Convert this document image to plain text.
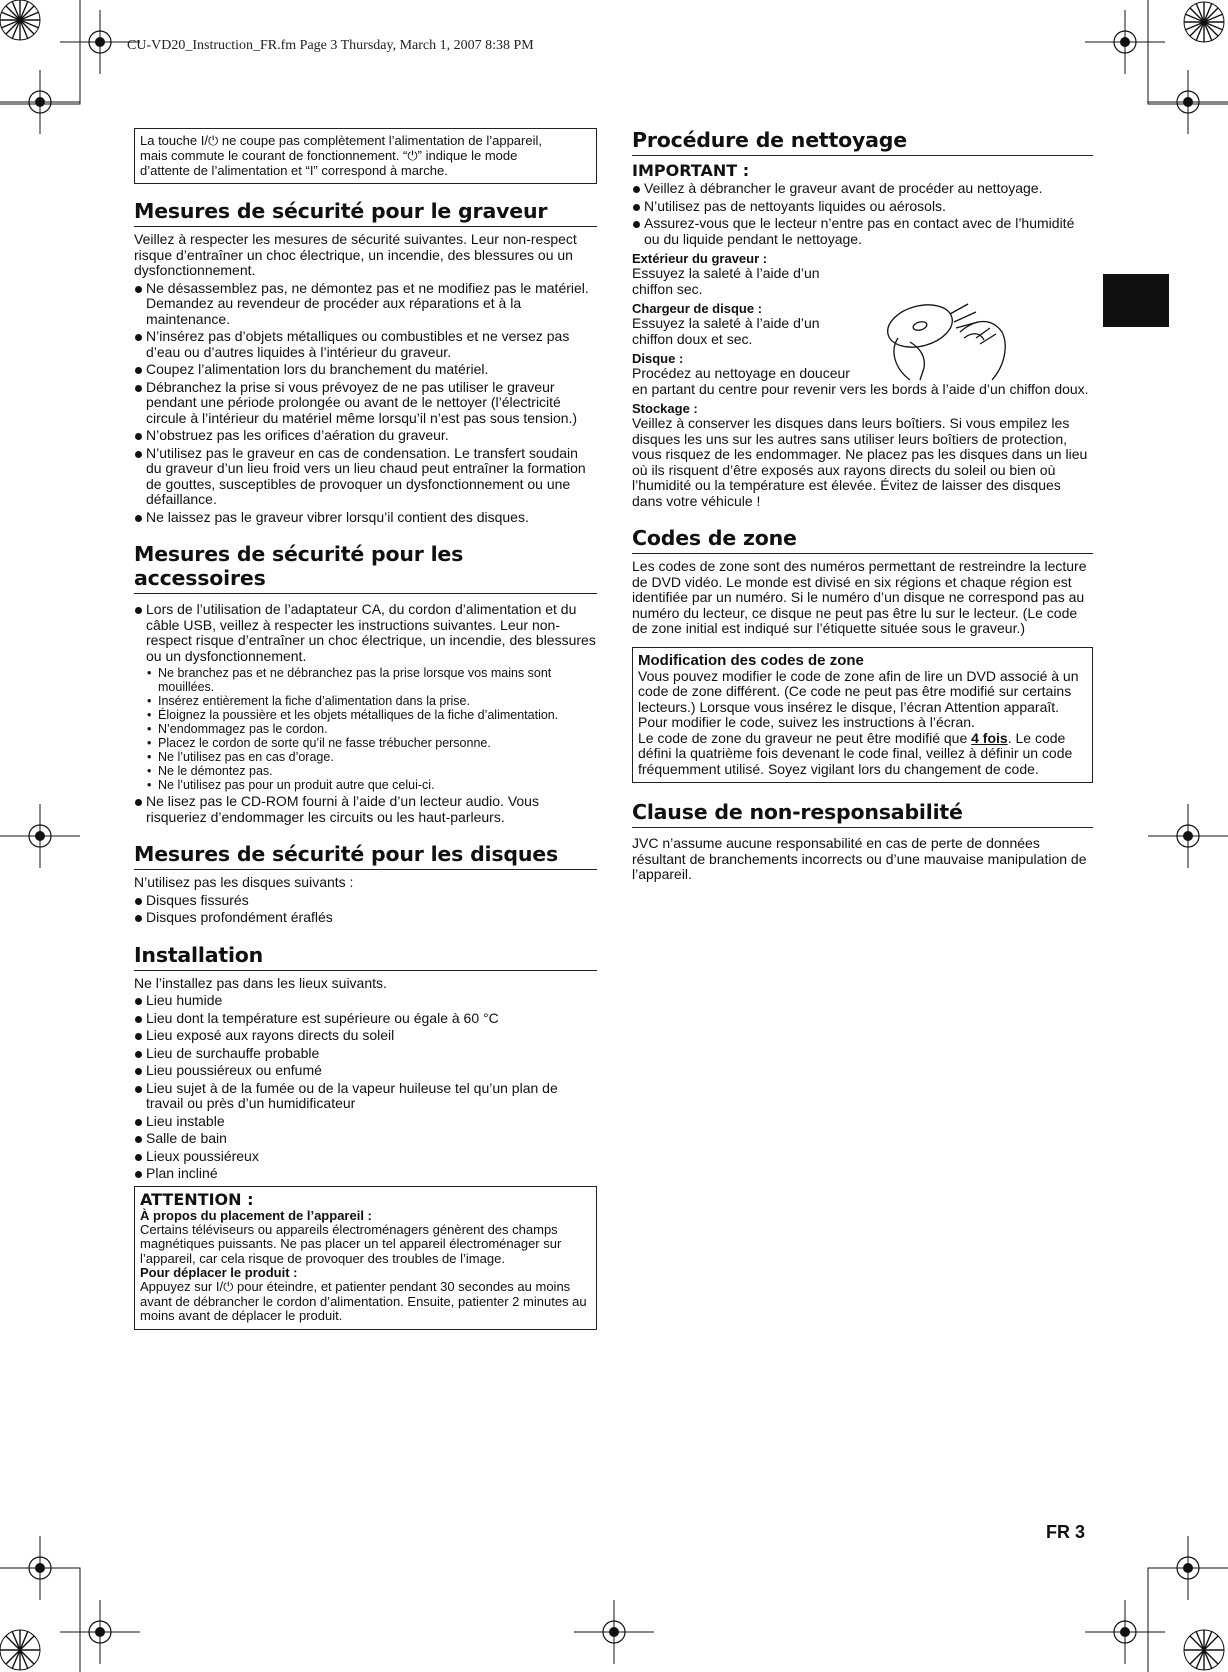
CU-VD20_Instruction_FR.fm Page 3 Thursday, March 1, 2007 8:38 PM

La touche I/⏻ ne coupe pas complètement l’alimentation de l’appareil,

mais commute le courant de fonctionnement. “⏻” indique le mode

d’attente de l’alimentation et “I” correspond à marche.

Mesures de sécurité pour le graveur

Veillez à respecter les mesures de sécurité suivantes. Leur non-respect risque d’entraîner un choc électrique, un incendie, des blessures ou un dysfonctionnement.

Ne désassemblez pas, ne démontez pas et ne modifiez pas le matériel. Demandez au revendeur de procéder aux réparations et à la maintenance.
N’insérez pas d’objets métalliques ou combustibles et ne versez pas d’eau ou d’autres liquides à l’intérieur du graveur.
Coupez l’alimentation lors du branchement du matériel.
Débranchez la prise si vous prévoyez de ne pas utiliser le graveur pendant une période prolongée ou avant de le nettoyer (l’électricité circule à l’intérieur du matériel même lorsqu’il n’est pas sous tension.)
N’obstruez pas les orifices d’aération du graveur.
N’utilisez pas le graveur en cas de condensation. Le transfert soudain du graveur d’un lieu froid vers un lieu chaud peut entraîner la formation de gouttes, susceptibles de provoquer un dysfonctionnement ou une défaillance.
Ne laissez pas le graveur vibrer lorsqu’il contient des disques.
Mesures de sécurité pour les accessoires
Lors de l’utilisation de l’adaptateur CA, du cordon d’alimentation et du câble USB, veillez à respecter les instructions suivantes. Leur non-respect risque d’entraîner un choc électrique, un incendie, des blessures ou un dysfonctionnement.
• Ne branchez pas et ne débranchez pas la prise lorsque vos mains sont mouillées.
• Insérez entièrement la fiche d’alimentation dans la prise.
• Éloignez la poussière et les objets métalliques de la fiche d’alimentation.
• N’endommagez pas le cordon.
• Placez le cordon de sorte qu’il ne fasse trébucher personne.
• Ne l’utilisez pas en cas d’orage.
• Ne le démontez pas.
• Ne l’utilisez pas pour un produit autre que celui-ci.
Ne lisez pas le CD-ROM fourni à l’aide d’un lecteur audio. Vous risqueriez d’endommager les circuits ou les haut-parleurs.
Mesures de sécurité pour les disques

N’utilisez pas les disques suivants :

Disques fissurés
Disques profondément éraflés
Installation

Ne l’installez pas dans les lieux suivants.

Lieu humide
Lieu dont la température est supérieure ou égale à 60 °C
Lieu exposé aux rayons directs du soleil
Lieu de surchauffe probable
Lieu poussiéreux ou enfumé
Lieu sujet à de la fumée ou de la vapeur huileuse tel qu’un plan de travail ou près d’un humidificateur
Lieu instable
Salle de bain
Lieux poussiéreux
Plan incliné
ATTENTION :
À propos du placement de l’appareil :
Certains téléviseurs ou appareils électroménagers génèrent des champs magnétiques puissants. Ne pas placer un tel appareil électroménager sur l’appareil, car cela risque de provoquer des troubles de l’image.
Pour déplacer le produit :
Appuyez sur I/⏻ pour éteindre, et patienter pendant 30 secondes au moins avant de débrancher le cordon d’alimentation. Ensuite, patienter 2 minutes au moins avant de déplacer le produit.
Procédure de nettoyage
IMPORTANT :
Veillez à débrancher le graveur avant de procéder au nettoyage.
N’utilisez pas de nettoyants liquides ou aérosols.
Assurez-vous que le lecteur n’entre pas en contact avec de l’humidité ou du liquide pendant le nettoyage.
Extérieur du graveur :
Essuyez la saleté à l’aide d’un chiffon sec.
Chargeur de disque :
Essuyez la saleté à l’aide d’un chiffon doux et sec.
Disque :
Procédez au nettoyage en douceur
en partant du centre pour revenir vers les bords à l’aide d’un chiffon doux.
Stockage :
Veillez à conserver les disques dans leurs boîtiers. Si vous empilez les disques les uns sur les autres sans utiliser leurs boîtiers de protection, vous risquez de les endommager. Ne placez pas les disques dans un lieu où ils risquent d’être exposés aux rayons directs du soleil ou bien où l’humidité ou la température est élevée. Évitez de laisser des disques dans votre véhicule !
Codes de zone

Les codes de zone sont des numéros permettant de restreindre la lecture de DVD vidéo. Le monde est divisé en six régions et chaque région est identifiée par un numéro. Si le numéro d’un disque ne correspond pas au numéro du lecteur, ce disque ne peut pas être lu sur le lecteur. (Le code de zone initial est indiqué sur l’étiquette située sous le graveur.)

Modification des codes de zone
Vous pouvez modifier le code de zone afin de lire un DVD associé à un code de zone différent. (Ce code ne peut pas être modifié sur certains lecteurs.) Lorsque vous insérez le disque, l’écran Attention apparaît. Pour modifier le code, suivez les instructions à l’écran.
Le code de zone du graveur ne peut être modifié que 4 fois. Le code défini la quatrième fois devenant le code final, veillez à définir un code fréquemment utilisé. Soyez vigilant lors du changement de code.
Clause de non-responsabilité

JVC n’assume aucune responsabilité en cas de perte de données résultant de branchements incorrects ou d’une mauvaise manipulation de l’appareil.

FR 3
